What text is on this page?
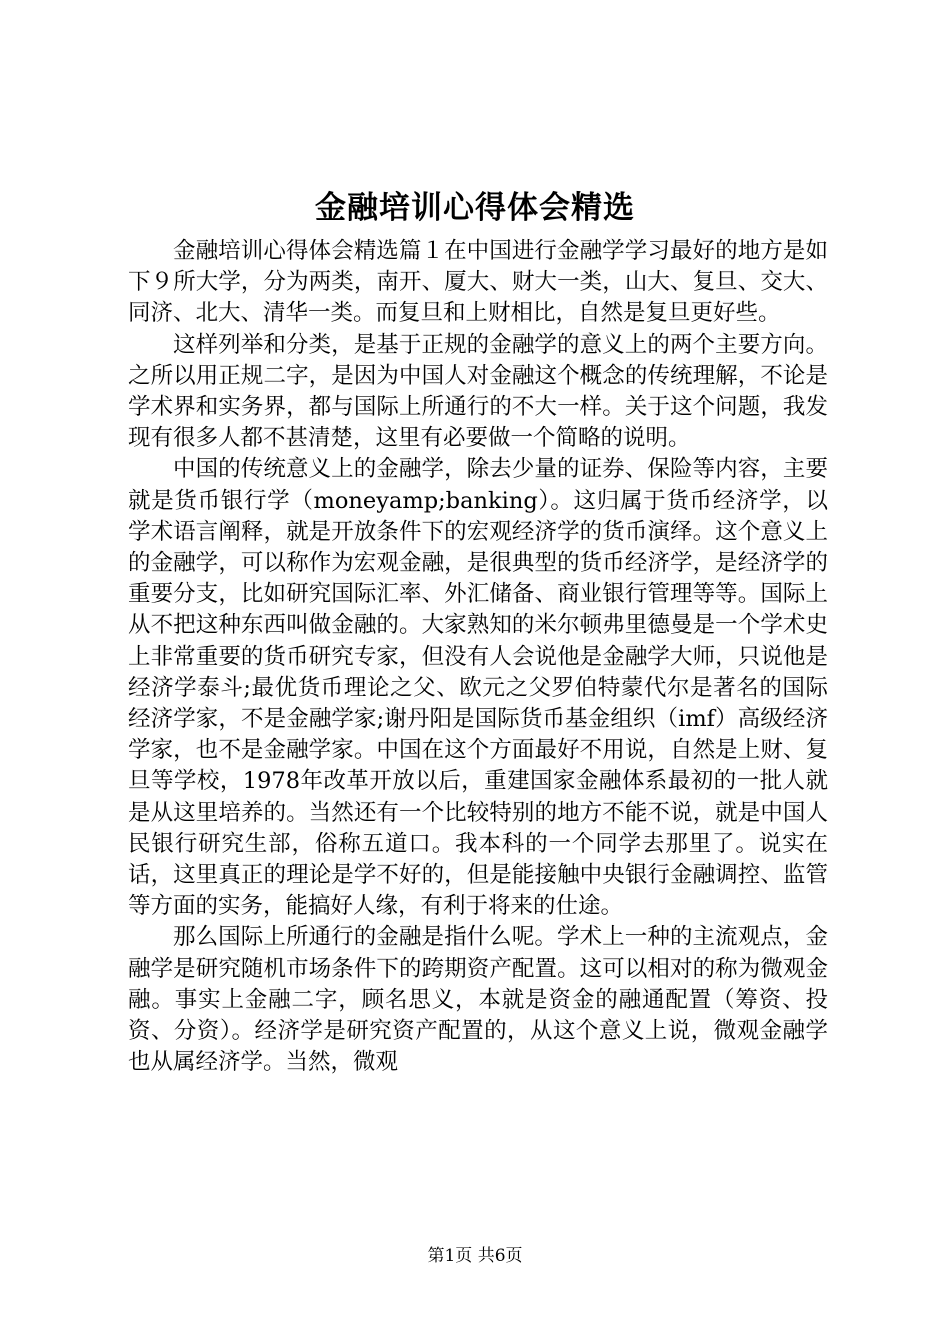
金融培训心得体会精选

金融培训心得体会精选篇１在中国进行金融学学习最好的地方是如下９所大学，分为两类，南开、厦大、财大一类，山大、复旦、交大、同济、北大、清华一类。而复旦和上财相比，自然是复旦更好些。

这样列举和分类，是基于正规的金融学的意义上的两个主要方向。之所以用正规二字，是因为中国人对金融这个概念的传统理解，不论是学术界和实务界，都与国际上所通行的不大一样。关于这个问题，我发现有很多人都不甚清楚，这里有必要做一个简略的说明。

中国的传统意义上的金融学，除去少量的证券、保险等内容，主要就是货币银行学（moneyamp;banking）。这归属于货币经济学，以学术语言阐释，就是开放条件下的宏观经济学的货币演绎。这个意义上的金融学，可以称作为宏观金融，是很典型的货币经济学，是经济学的重要分支，比如研究国际汇率、外汇储备、商业银行管理等等。国际上从不把这种东西叫做金融的。大家熟知的米尔顿弗里德曼是一个学术史上非常重要的货币研究专家，但没有人会说他是金融学大师，只说他是经济学泰斗;最优货币理论之父、欧元之父罗伯特蒙代尔是著名的国际经济学家，不是金融学家;谢丹阳是国际货币基金组织（imf）高级经济学家，也不是金融学家。中国在这个方面最好不用说，自然是上财、复旦等学校，1978年改革开放以后，重建国家金融体系最初的一批人就是从这里培养的。当然还有一个比较特别的地方不能不说，就是中国人民银行研究生部，俗称五道口。我本科的一个同学去那里了。说实在话，这里真正的理论是学不好的，但是能接触中央银行金融调控、监管等方面的实务，能搞好人缘，有利于将来的仕途。

那么国际上所通行的金融是指什么呢。学术上一种的主流观点，金融学是研究随机市场条件下的跨期资产配置。这可以相对的称为微观金融。事实上金融二字，顾名思义，本就是资金的融通配置（筹资、投资、分资）。经济学是研究资产配置的，从这个意义上说，微观金融学也从属经济学。当然，微观

第1页 共6页
